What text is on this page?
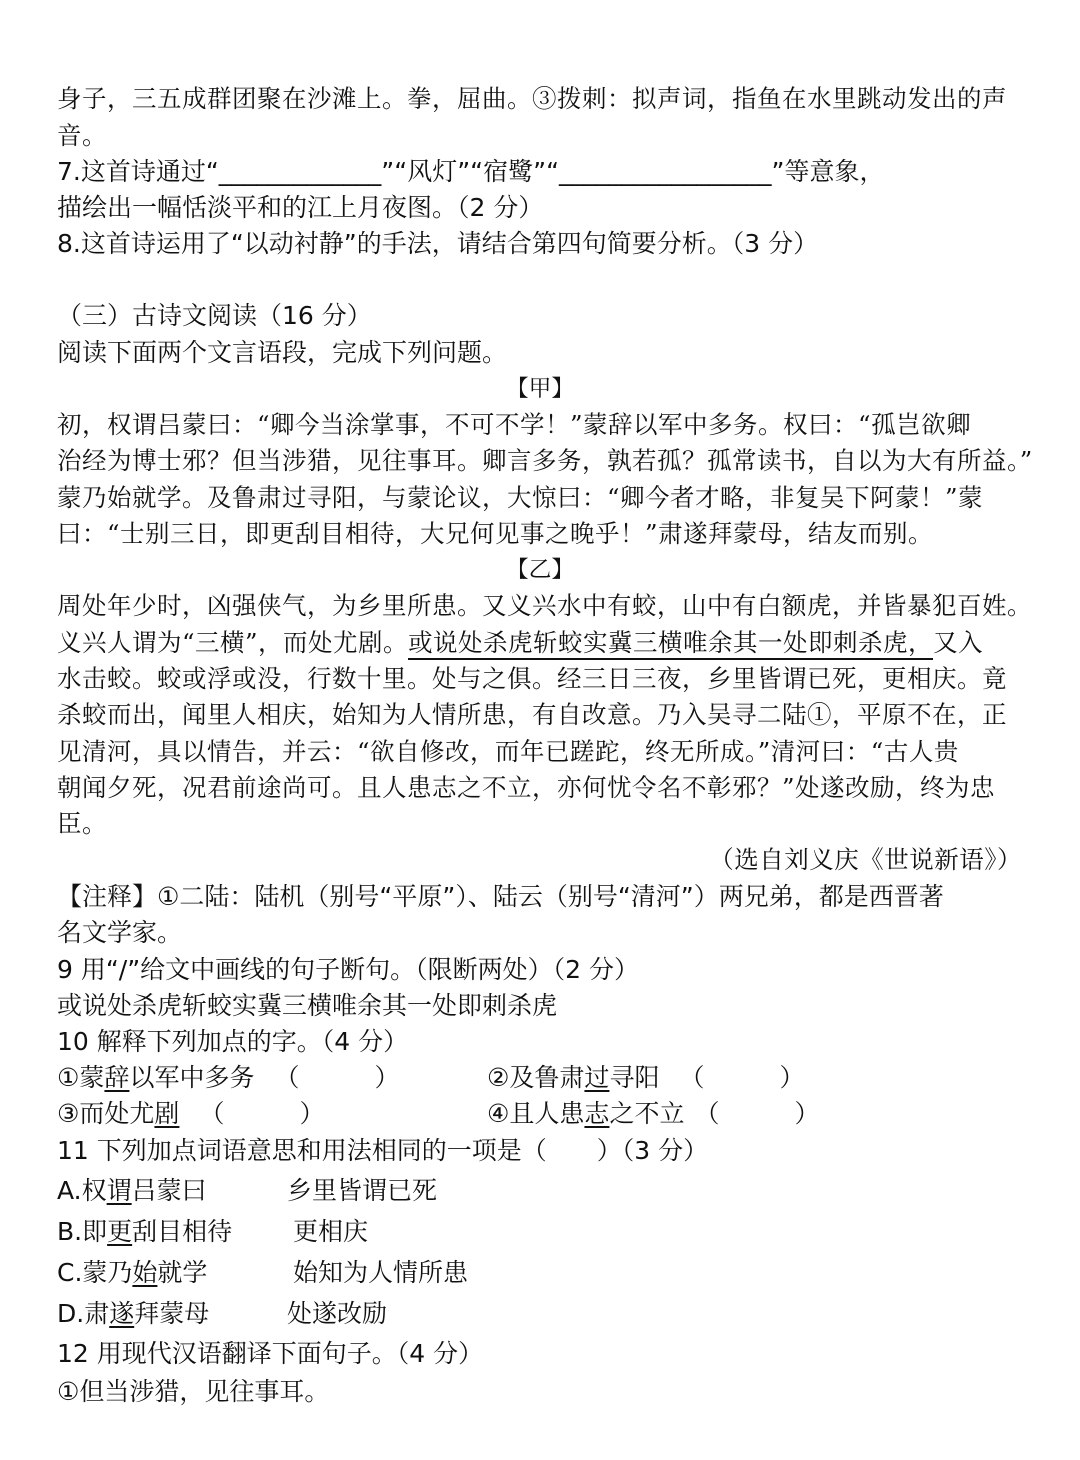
身子，三五成群团聚在沙滩上。拳，屈曲。③拨刺：拟声词，指鱼在水里跳动发出的声
音。
7.这首诗通过“_____________”“风灯”“宿鹭”“_________________”等意象，
描绘出一幅恬淡平和的江上月夜图。（2 分）
8.这首诗运用了“以动衬静”的手法，请结合第四句简要分析。（3 分）
（三）古诗文阅读（16 分）
阅读下面两个文言语段，完成下列问题。
【甲】
初，权谓吕蒙曰：“卿今当涂掌事，不可不学！”蒙辞以军中多务。权曰：“孤岂欲卿
治经为博士邪？但当涉猎，见往事耳。卿言多务，孰若孤？孤常读书，自以为大有所益。”
蒙乃始就学。及鲁肃过寻阳，与蒙论议，大惊曰：“卿今者才略，非复吴下阿蒙！”蒙
曰：“士别三日，即更刮目相待，大兄何见事之晚乎！”肃遂拜蒙母，结友而别。
【乙】
周处年少时，凶强侠气，为乡里所患。又义兴水中有蛟，山中有白额虎，并皆暴犯百姓。
义兴人谓为“三横”，而处尤剧。或说处杀虎斩蛟实冀三横唯余其一处即刺杀虎，又入
水击蛟。蛟或浮或没，行数十里。处与之俱。经三日三夜，乡里皆谓已死，更相庆。竟
杀蛟而出，闻里人相庆，始知为人情所患，有自改意。乃入吴寻二陆①，平原不在，正
见清河，具以情告，并云：“欲自修改，而年已蹉跎，终无所成。”清河曰：“古人贵
朝闻夕死，况君前途尚可。且人患志之不立，亦何忧令名不彰邪？”处遂改励，终为忠
臣。
（选自刘义庆《世说新语》）
【注释】①二陆：陆机（别号“平原”）、陆云（别号“清河”）两兄弟，都是西晋著
名文学家。
9 用“/”给文中画线的句子断句。（限断两处）（2 分）
或说处杀虎斩蛟实冀三横唯余其一处即刺杀虎
10 解释下列加点的字。（4 分）
①蒙辞以军中多务 （　　　）	②及鲁肃过寻阳 （　　　）
③而处尤剧 （　　　）	④且人患志之不立 （　　　）
11 下列加点词语意思和用法相同的一项是（　　）（3 分）
A.权谓吕蒙曰	乡里皆谓已死
B.即更刮目相待 更相庆
C.蒙乃始就学	始知为人情所患
D.肃遂拜蒙母	处遂改励
12 用现代汉语翻译下面句子。（4 分）
①但当涉猎，见往事耳。
